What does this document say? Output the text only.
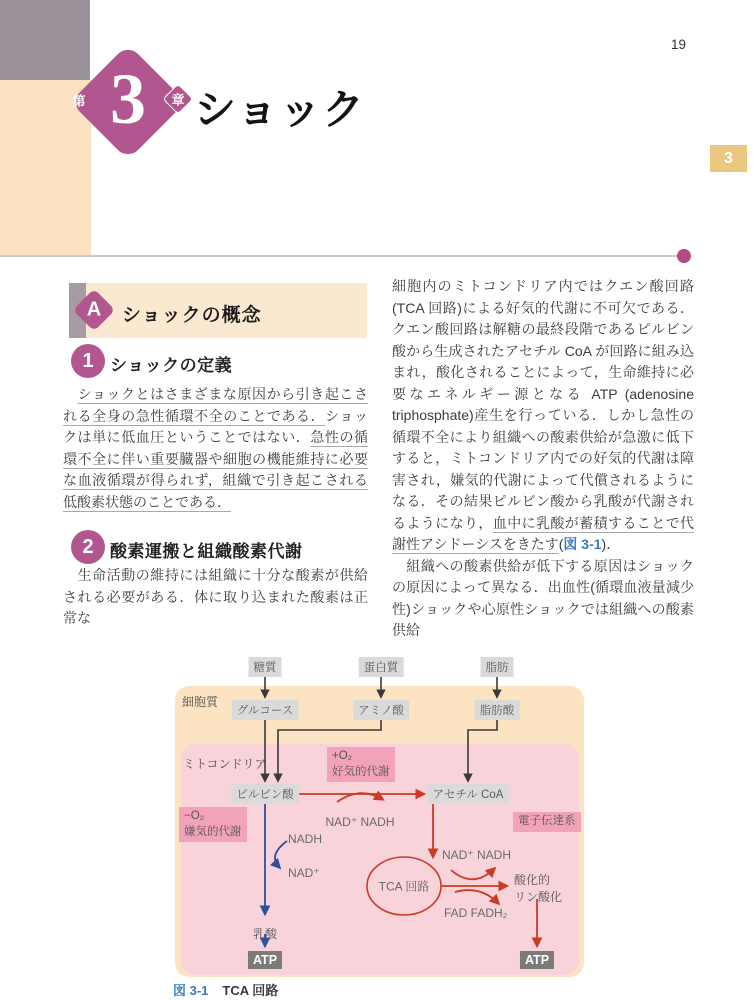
19
3
第 3 章 ショック
A ショックの概念
1 ショックの定義
　ショックとはさまざまな原因から引き起こされる全身の急性循環不全のことである．ショックは単に低血圧ということではない．急性の循環不全に伴い重要臓器や細胞の機能維持に必要な血液循環が得られず，組織で引き起こされる低酸素状態のことである．
2 酸素運搬と組織酸素代謝
　生命活動の維持には組織に十分な酸素が供給される必要がある．体に取り込まれた酸素は正常な
細胞内のミトコンドリア内ではクエン酸回路(TCA 回路)による好気的代謝に不可欠である．クエン酸回路は解糖の最終段階であるピルビン酸から生成されたアセチル CoA が回路に組み込まれ，酸化されることによって，生命維持に必要なエネルギー源となる ATP (adenosine triphosphate)産生を行っている．しかし急性の循環不全により組織への酸素供給が急激に低下すると，ミトコンドリア内での好気的代謝は障害され，嫌気的代謝によって代償されるようになる．その結果ピルビン酸から乳酸が代謝されるようになり，血中に乳酸が蓄積することで代謝性アシドーシスをきたす(図 3-1)．
　組織への酸素供給が低下する原因はショックの原因によって異なる．出血性(循環血液量減少性)ショックや心原性ショックでは組織への酸素供給
細胞質
ミトコンドリア
糖質	蛋白質	脂肪
グルコース	アミノ酸	脂肪酸
ピルビン酸	アセチル CoA
+O₂
好気的代謝
−O₂
嫌気的代謝
電子伝達系
NAD⁺ NADH
NADH
NAD⁺
NAD⁺ NADH
FAD FADH₂
酸化的
リン酸化
TCA 回路
乳酸
ATP	ATP
図 3-1 TCA 回路
